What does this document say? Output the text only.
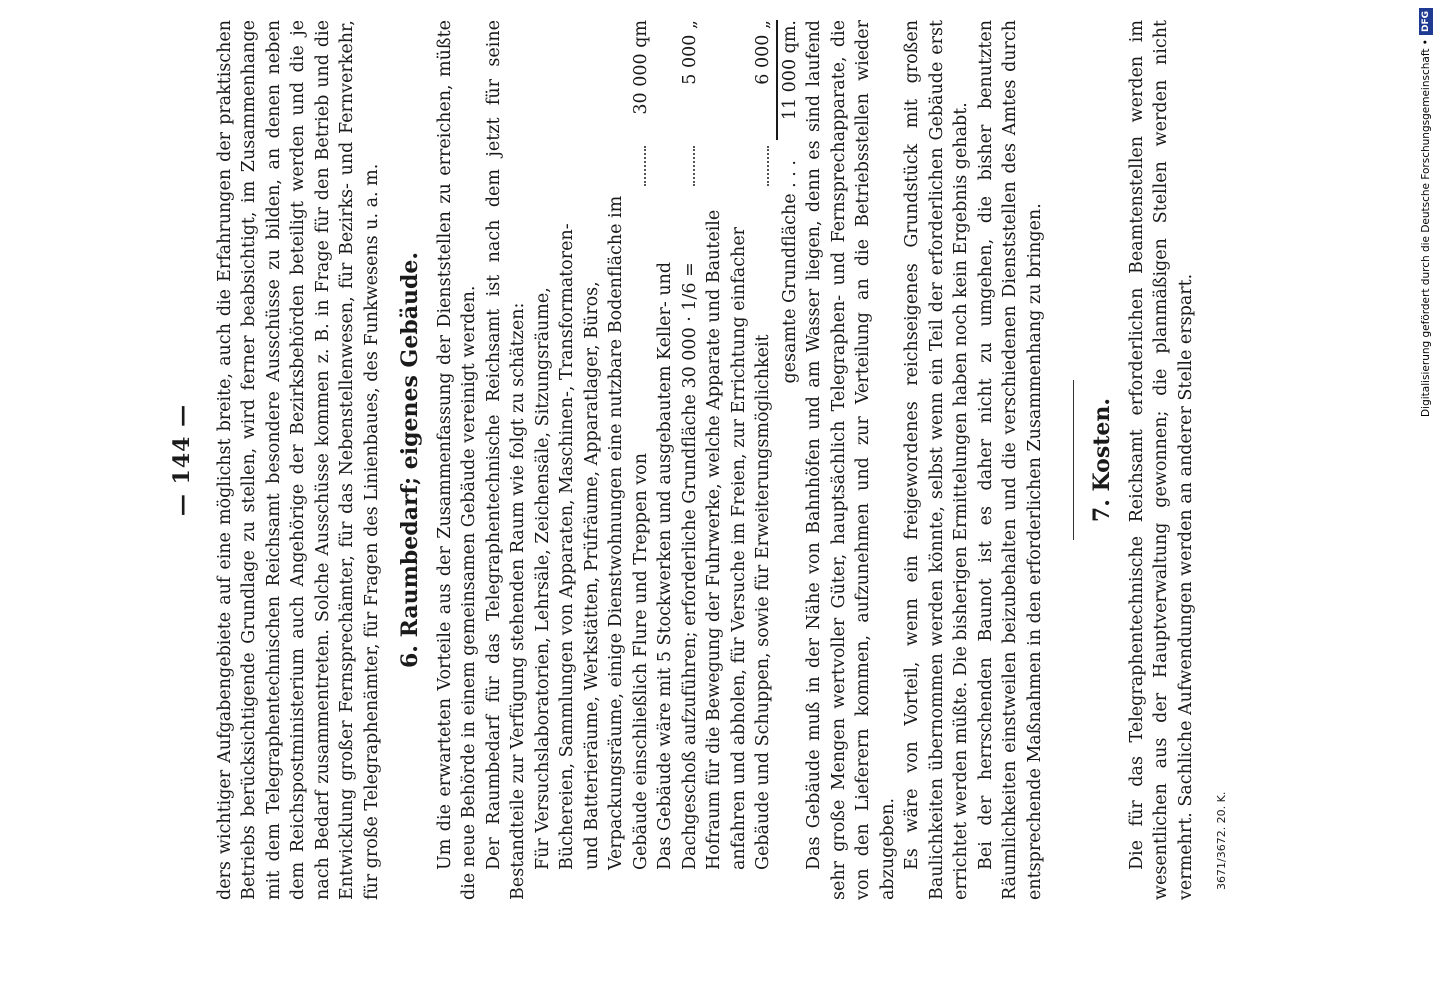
— 144 — ders wichtiger Aufgabengebiete auf eine möglichst breite, auch die Erfahrungen der praktischen Betriebs berücksichtigende Grundlage zu stellen, wird ferner beabsichtigt, im Zusammenhange mit dem Telegraphentechnischen Reichsamt besondere Ausschüsse zu bilden, an denen neben dem Reichspostministerium auch Angehörige der Bezirksbehörden beteiligt werden und die je nach Bedarf zusammentreten. Solche Ausschüsse kommen z. B. in Frage für den Betrieb und die Entwicklung großer Fernsprechämter, für das Nebenstellenwesen, für Bezirks- und Fernverkehr, für große Telegraphenämter, für Fragen des Linienbaues, des Funkwesens u. a. m. 6. Raumbedarf; eigenes Gebäude. Um die erwarteten Vorteile aus der Zusammenfassung der Dienststellen zu erreichen, müßte die neue Behörde in einem gemeinsamen Gebäude vereinigt werden. Der Raumbedarf für das Telegraphentechnische Reichsamt ist nach dem jetzt für seine Bestandteile zur Verfügung stehenden Raum wie folgt zu schätzen: Für Versuchslaboratorien, Lehrsäle, Zeichensäle, Sitzungsräume, Büchereien, Sammlungen von Apparaten, Maschinen-, Transformatoren- und Batterieräume, Werkstätten, Prüfräume, Apparatlager, Büros, Verpackungsräume, einige Dienstwohnungen eine nutzbare Bodenfläche im Gebäude einschließlich Flure und Treppen von
30 000 qm
Das Gebäude wäre mit 5 Stockwerken und ausgebautem Keller- und Dachgeschoß aufzuführen; erforderliche Grundfläche 30 000 · 1/6 =
5 000 „
Hofraum für die Bewegung der Fuhrwerke, welche Apparate und Bauteile anfahren und abholen, für Versuche im Freien, zur Errichtung einfacher Gebäude und Schuppen, sowie für Erweiterungsmöglichkeit
6 000 „
gesamte Grundfläche . . .
11 000 qm. Das Gebäude muß in der Nähe von Bahnhöfen und am Wasser liegen, denn es sind laufend sehr große Mengen wertvoller Güter, hauptsächlich Telegraphen- und Fernsprechapparate, die von den Lieferern kommen, aufzunehmen und zur Verteilung an die Betriebsstellen wieder abzugeben. Es wäre von Vorteil, wenn ein freigewordenes reichseigenes Grundstück mit großen Baulichkeiten übernommen werden könnte, selbst wenn ein Teil der erforderlichen Gebäude erst errichtet werden müßte. Die bisherigen Ermittelungen haben noch kein Ergebnis gehabt. Bei der herrschenden Baunot ist es daher nicht zu umgehen, die bisher benutzten Räumlichkeiten einstweilen beizubehalten und die verschiedenen Dienststellen des Amtes durch entsprechende Maßnahmen in den erforderlichen Zusammenhang zu bringen. 7. Kosten. Die für das Telegraphentechnische Reichsamt erforderlichen Beamtenstellen werden im wesentlichen aus der Hauptverwaltung gewonnen; die planmäßigen Stellen werden nicht vermehrt. Sachliche Aufwendungen werden an anderer Stelle erspart.	3671/3672. 20. K.
Digitalisierung gefördert durch die Deutsche Forschungsgemeinschaft •
DFG
